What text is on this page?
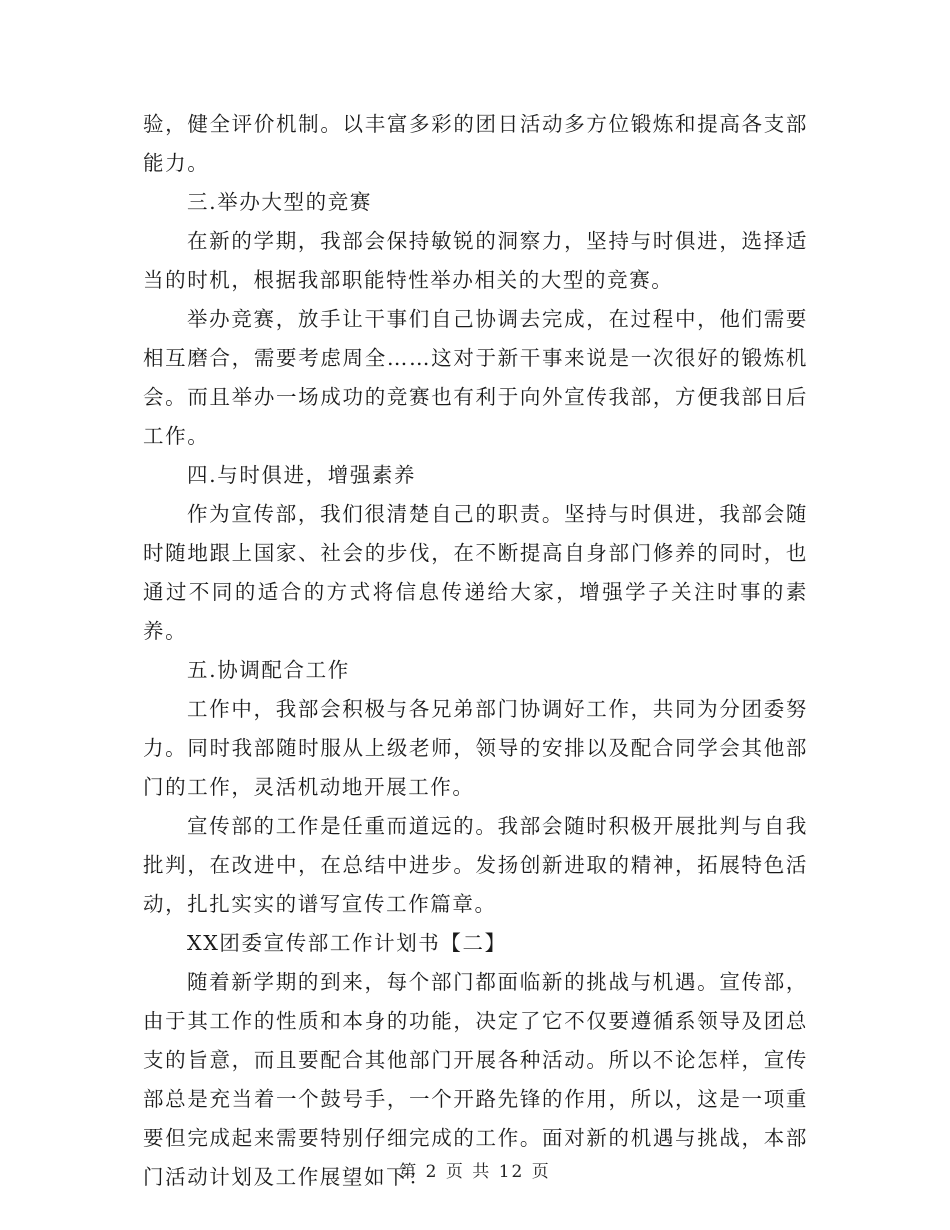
验，健全评价机制。以丰富多彩的团日活动多方位锻炼和提高各支部能力。

三.举办大型的竞赛

在新的学期，我部会保持敏锐的洞察力，坚持与时俱进，选择适当的时机，根据我部职能特性举办相关的大型的竞赛。

举办竞赛，放手让干事们自己协调去完成，在过程中，他们需要相互磨合，需要考虑周全……这对于新干事来说是一次很好的锻炼机会。而且举办一场成功的竞赛也有利于向外宣传我部，方便我部日后工作。

四.与时俱进，增强素养

作为宣传部，我们很清楚自己的职责。坚持与时俱进，我部会随时随地跟上国家、社会的步伐，在不断提高自身部门修养的同时，也通过不同的适合的方式将信息传递给大家，增强学子关注时事的素养。

五.协调配合工作

工作中，我部会积极与各兄弟部门协调好工作，共同为分团委努力。同时我部随时服从上级老师，领导的安排以及配合同学会其他部门的工作，灵活机动地开展工作。

宣传部的工作是任重而道远的。我部会随时积极开展批判与自我批判，在改进中，在总结中进步。发扬创新进取的精神，拓展特色活动，扎扎实实的谱写宣传工作篇章。

XX团委宣传部工作计划书【二】

随着新学期的到来，每个部门都面临新的挑战与机遇。宣传部，由于其工作的性质和本身的功能，决定了它不仅要遵循系领导及团总支的旨意，而且要配合其他部门开展各种活动。所以不论怎样，宣传部总是充当着一个鼓号手，一个开路先锋的作用，所以，这是一项重要但完成起来需要特别仔细完成的工作。面对新的机遇与挑战，本部门活动计划及工作展望如下：

第 2 页 共 12 页
